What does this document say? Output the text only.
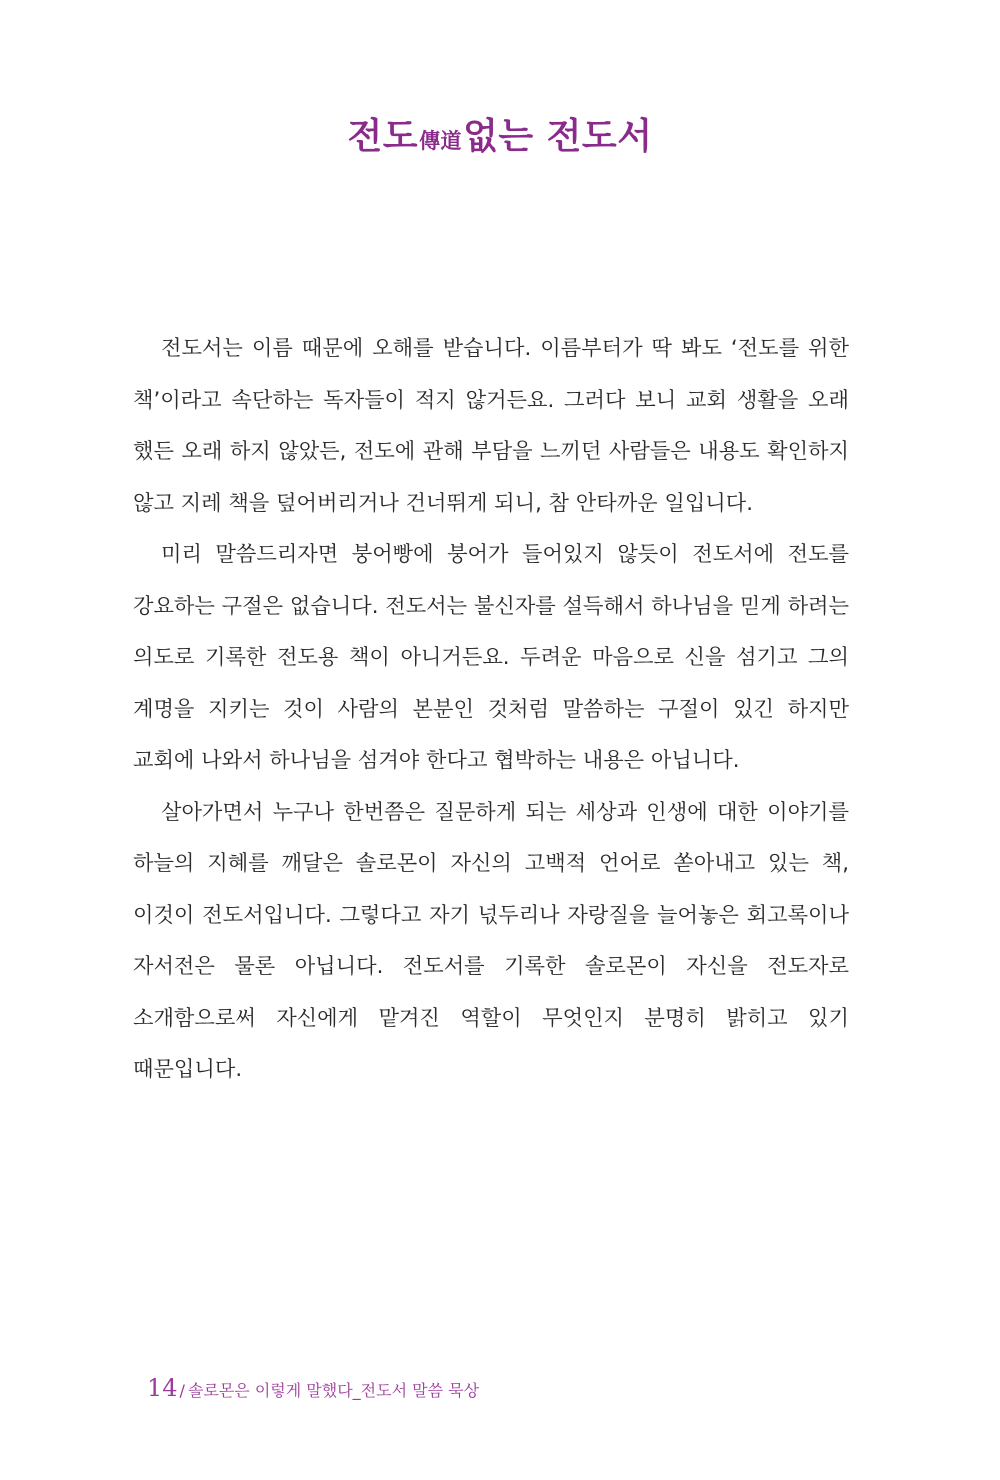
전도傳道없는 전도서

전도서는 이름 때문에 오해를 받습니다. 이름부터가 딱 봐도 ‘전도를 위한 책’이라고 속단하는 독자들이 적지 않거든요. 그러다 보니 교회 생활을 오래 했든 오래 하지 않았든, 전도에 관해 부담을 느끼던 사람들은 내용도 확인하지 않고 지레 책을 덮어버리거나 건너뛰게 되니, 참 안타까운 일입니다.

미리 말씀드리자면 붕어빵에 붕어가 들어있지 않듯이 전도서에 전도를 강요하는 구절은 없습니다. 전도서는 불신자를 설득해서 하나님을 믿게 하려는 의도로 기록한 전도용 책이 아니거든요. 두려운 마음으로 신을 섬기고 그의 계명을 지키는 것이 사람의 본분인 것처럼 말씀하는 구절이 있긴 하지만 교회에 나와서 하나님을 섬겨야 한다고 협박하는 내용은 아닙니다.

살아가면서 누구나 한번쯤은 질문하게 되는 세상과 인생에 대한 이야기를 하늘의 지혜를 깨달은 솔로몬이 자신의 고백적 언어로 쏟아내고 있는 책, 이것이 전도서입니다. 그렇다고 자기 넋두리나 자랑질을 늘어놓은 회고록이나 자서전은 물론 아닙니다. 전도서를 기록한 솔로몬이 자신을 전도자로 소개함으로써 자신에게 맡겨진 역할이 무엇인지 분명히 밝히고 있기 때문입니다.

14 / 솔로몬은 이렇게 말했다_전도서 말씀 묵상
